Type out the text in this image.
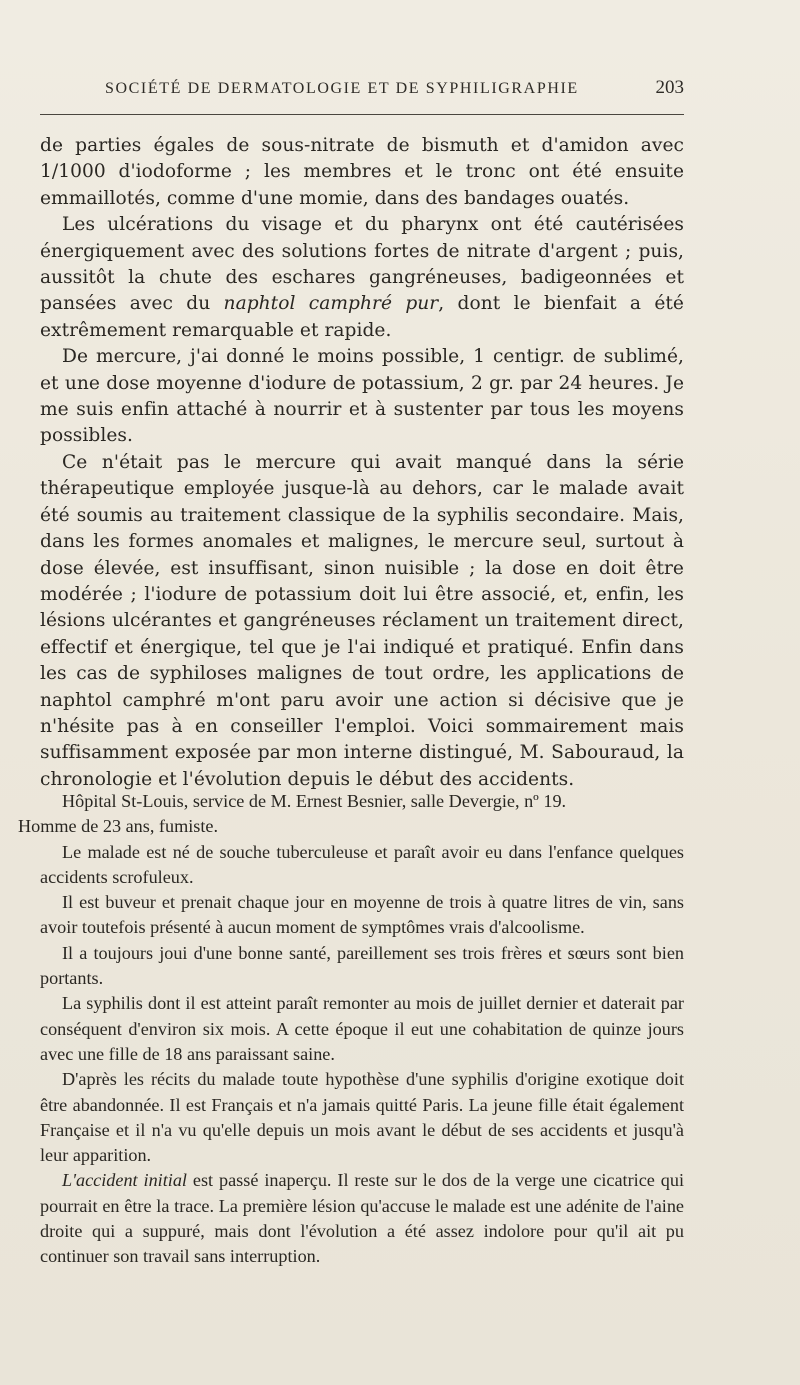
SOCIÉTÉ DE DERMATOLOGIE ET DE SYPHILIGRAPHIE	203

de parties égales de sous-nitrate de bismuth et d'amidon avec 1/1000 d'iodoforme ; les membres et le tronc ont été ensuite emmaillotés, comme d'une momie, dans des bandages ouatés.

Les ulcérations du visage et du pharynx ont été cautérisées énergiquement avec des solutions fortes de nitrate d'argent ; puis, aussitôt la chute des eschares gangréneuses, badigeonnées et pansées avec du naphtol camphré pur, dont le bienfait a été extrêmement remarquable et rapide.

De mercure, j'ai donné le moins possible, 1 centigr. de sublimé, et une dose moyenne d'iodure de potassium, 2 gr. par 24 heures. Je me suis enfin attaché à nourrir et à sustenter par tous les moyens possibles.

Ce n'était pas le mercure qui avait manqué dans la série thérapeutique employée jusque-là au dehors, car le malade avait été soumis au traitement classique de la syphilis secondaire. Mais, dans les formes anomales et malignes, le mercure seul, surtout à dose élevée, est insuffisant, sinon nuisible ; la dose en doit être modérée ; l'iodure de potassium doit lui être associé, et, enfin, les lésions ulcérantes et gangréneuses réclament un traitement direct, effectif et énergique, tel que je l'ai indiqué et pratiqué. Enfin dans les cas de syphiloses malignes de tout ordre, les applications de naphtol camphré m'ont paru avoir une action si décisive que je n'hésite pas à en conseiller l'emploi. Voici sommairement mais suffisamment exposée par mon interne distingué, M. Sabouraud, la chronologie et l'évolution depuis le début des accidents.

Hôpital St-Louis, service de M. Ernest Besnier, salle Devergie, nº 19.
Homme de 23 ans, fumiste.

Le malade est né de souche tuberculeuse et paraît avoir eu dans l'enfance quelques accidents scrofuleux.

Il est buveur et prenait chaque jour en moyenne de trois à quatre litres de vin, sans avoir toutefois présenté à aucun moment de symptômes vrais d'alcoolisme.

Il a toujours joui d'une bonne santé, pareillement ses trois frères et sœurs sont bien portants.

La syphilis dont il est atteint paraît remonter au mois de juillet dernier et daterait par conséquent d'environ six mois. A cette époque il eut une cohabitation de quinze jours avec une fille de 18 ans paraissant saine.

D'après les récits du malade toute hypothèse d'une syphilis d'origine exotique doit être abandonnée. Il est Français et n'a jamais quitté Paris. La jeune fille était également Française et il n'a vu qu'elle depuis un mois avant le début de ses accidents et jusqu'à leur apparition.

L'accident initial est passé inaperçu. Il reste sur le dos de la verge une cicatrice qui pourrait en être la trace. La première lésion qu'accuse le malade est une adénite de l'aine droite qui a suppuré, mais dont l'évolution a été assez indolore pour qu'il ait pu continuer son travail sans interruption.
